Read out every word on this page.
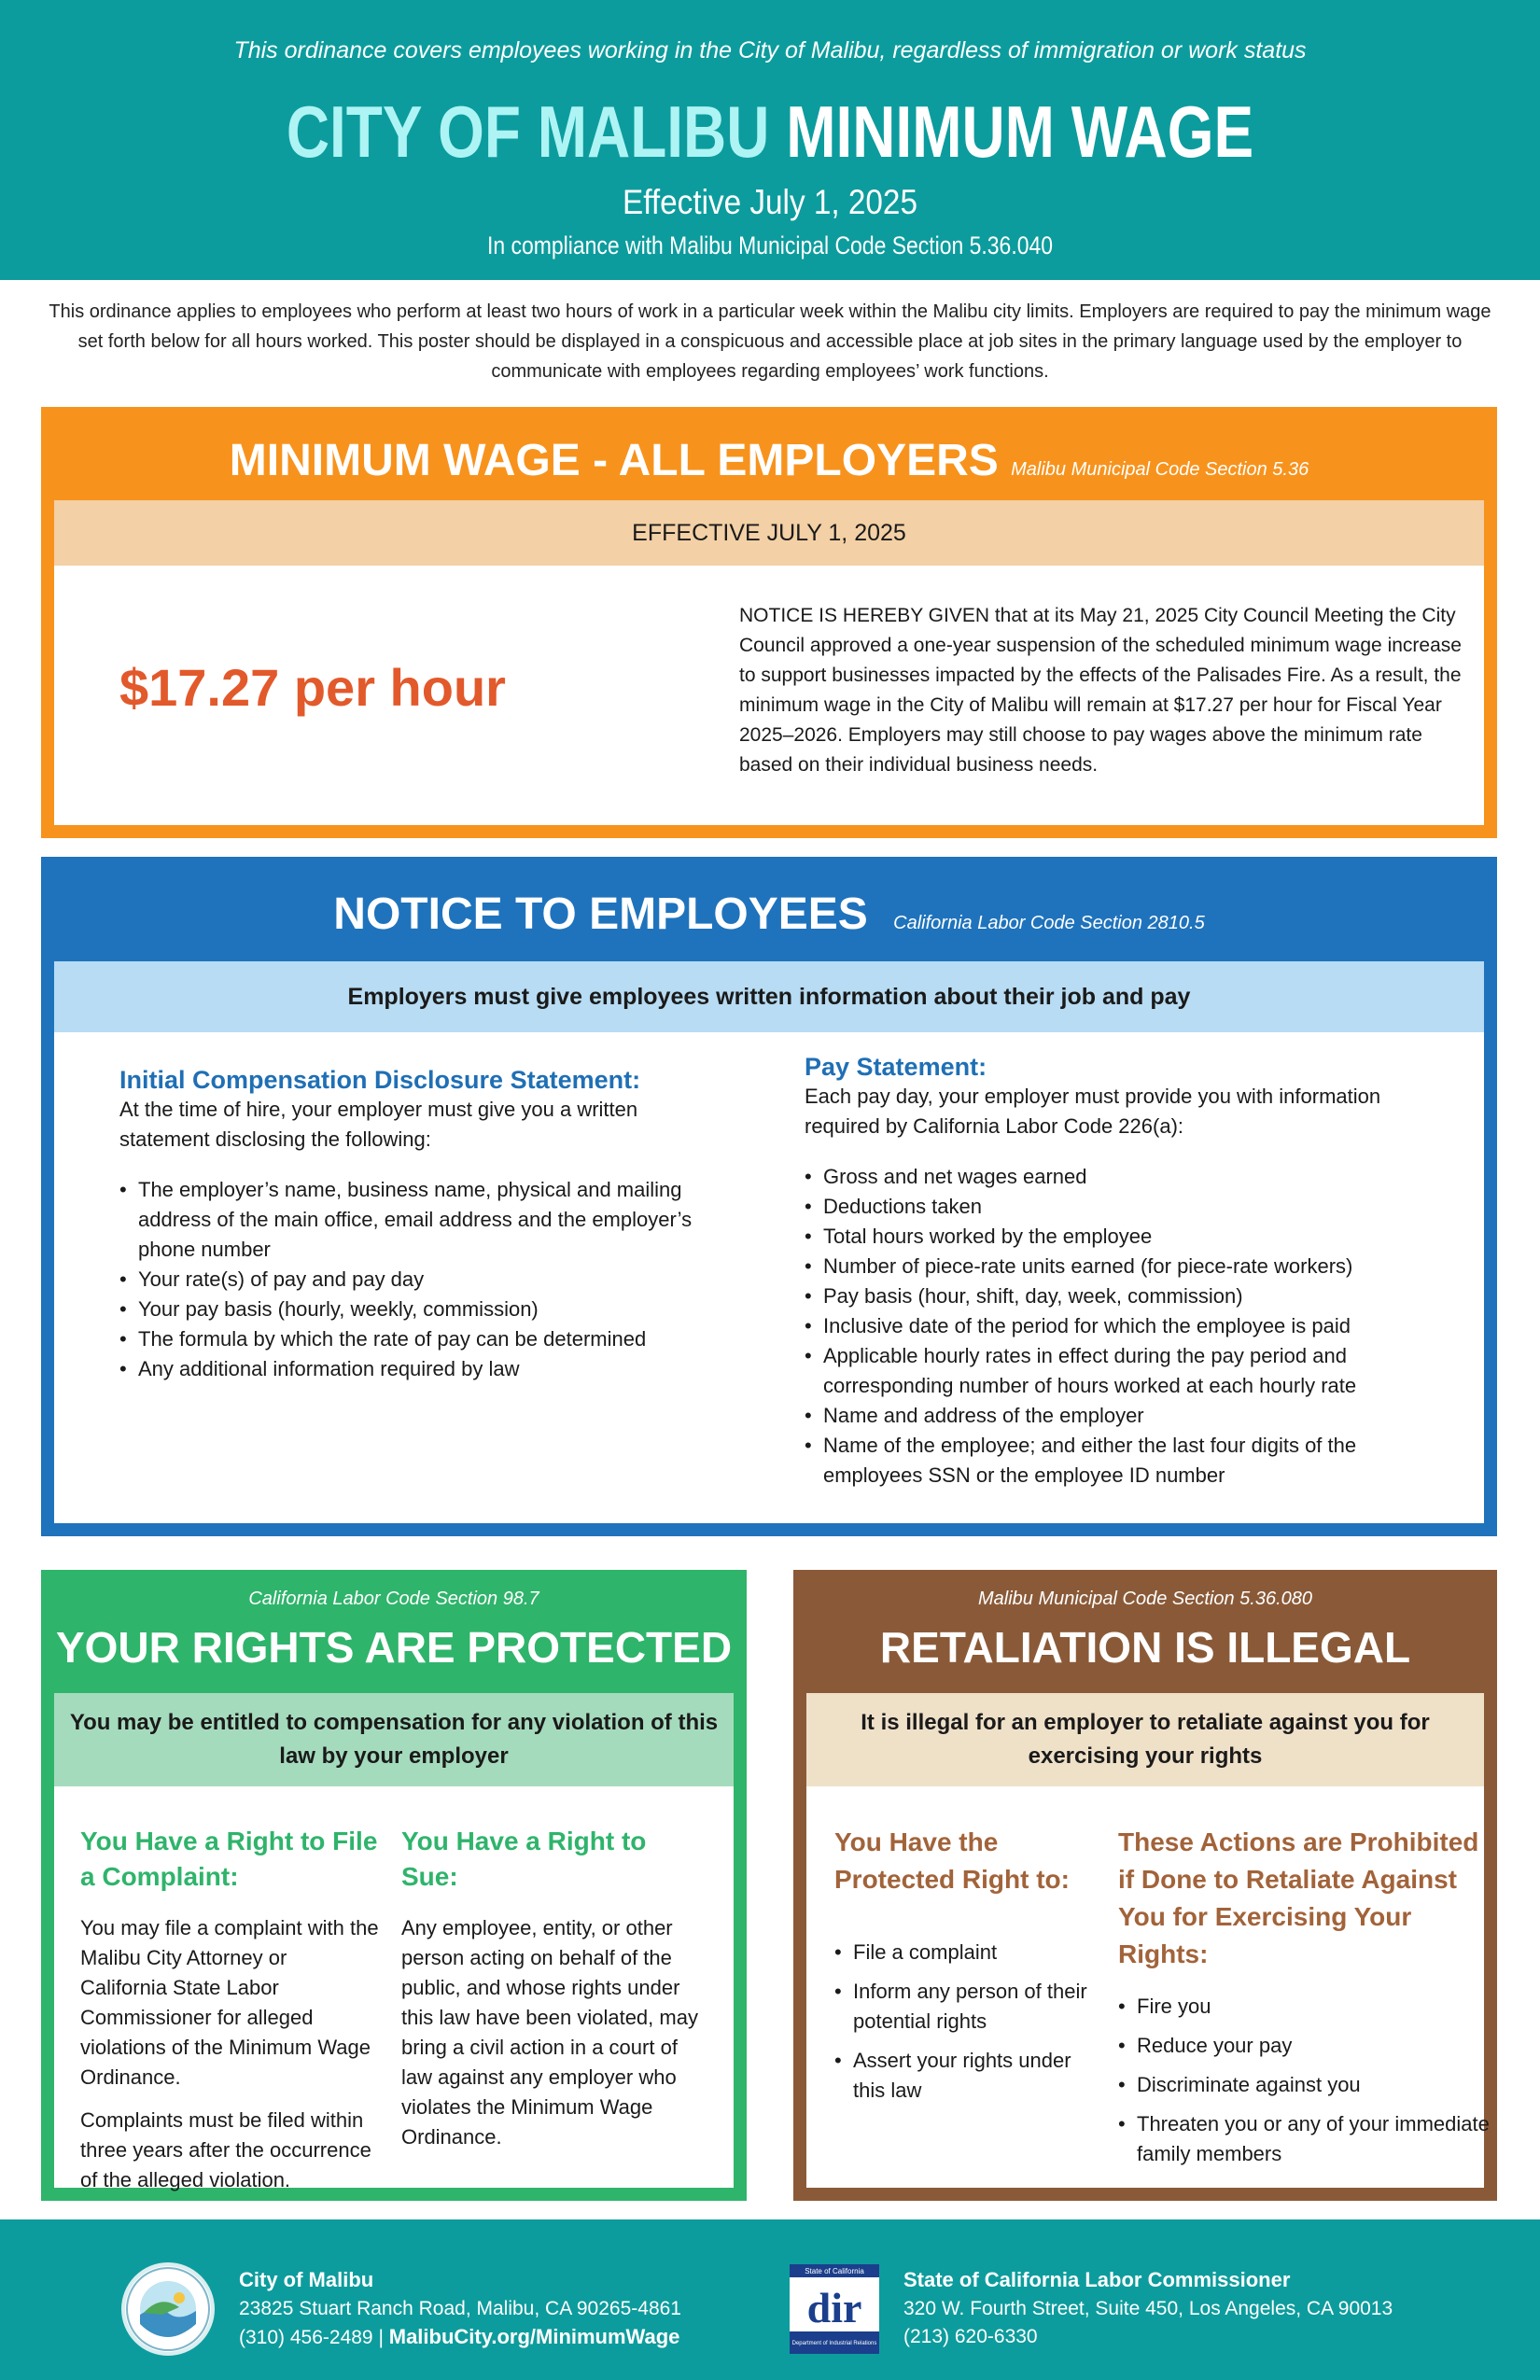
This ordinance covers employees working in the City of Malibu, regardless of immigration or work status
CITY OF MALIBU MINIMUM WAGE
Effective July 1, 2025
In compliance with Malibu Municipal Code Section 5.36.040
This ordinance applies to employees who perform at least two hours of work in a particular week within the Malibu city limits. Employers are required to pay the minimum wage set forth below for all hours worked. This poster should be displayed in a conspicuous and accessible place at job sites in the primary language used by the employer to communicate with employees regarding employees’ work functions.
MINIMUM WAGE - ALL EMPLOYERS Malibu Municipal Code Section 5.36
EFFECTIVE JULY 1, 2025
$17.27 per hour
NOTICE IS HEREBY GIVEN that at its May 21, 2025 City Council Meeting the City Council approved a one-year suspension of the scheduled minimum wage increase to support businesses impacted by the effects of the Palisades Fire. As a result, the minimum wage in the City of Malibu will remain at $17.27 per hour for Fiscal Year 2025–2026. Employers may still choose to pay wages above the minimum rate based on their individual business needs.
NOTICE TO EMPLOYEES California Labor Code Section 2810.5
Employers must give employees written information about their job and pay
Initial Compensation Disclosure Statement:
At the time of hire, your employer must give you a written statement disclosing the following:
• The employer’s name, business name, physical and mailing address of the main office, email address and the employer’s phone number
• Your rate(s) of pay and pay day
• Your pay basis (hourly, weekly, commission)
• The formula by which the rate of pay can be determined
• Any additional information required by law
Pay Statement:
Each pay day, your employer must provide you with information required by California Labor Code 226(a):
• Gross and net wages earned
• Deductions taken
• Total hours worked by the employee
• Number of piece-rate units earned (for piece-rate workers)
• Pay basis (hour, shift, day, week, commission)
• Inclusive date of the period for which the employee is paid
• Applicable hourly rates in effect during the pay period and corresponding number of hours worked at each hourly rate
• Name and address of the employer
• Name of the employee; and either the last four digits of the employees SSN or the employee ID number
California Labor Code Section 98.7
YOUR RIGHTS ARE PROTECTED
You may be entitled to compensation for any violation of this law by your employer
You Have a Right to File a Complaint:

You may file a complaint with the Malibu City Attorney or California State Labor Commissioner for alleged violations of the Minimum Wage Ordinance.

Complaints must be filed within three years after the occurrence of the alleged violation.

You Have a Right to Sue:

Any employee, entity, or other person acting on behalf of the public, and whose rights under this law have been violated, may bring a civil action in a court of law against any employer who violates the Minimum Wage Ordinance.

Malibu Municipal Code Section 5.36.080
RETALIATION IS ILLEGAL
It is illegal for an employer to retaliate against you for exercising your rights
You Have the Protected Right to:
• File a complaint
• Inform any person of their potential rights
• Assert your rights under this law
These Actions are Prohibited if Done to Retaliate Against You for Exercising Your Rights:
• Fire you
• Reduce your pay
• Discriminate against you
• Threaten you or any of your immediate family members
City of Malibu
23825 Stuart Ranch Road, Malibu, CA 90265-4861
(310) 456-2489 | MalibuCity.org/MinimumWage
State of California
dir
Department of Industrial Relations
State of California Labor Commissioner
320 W. Fourth Street, Suite 450, Los Angeles, CA 90013
(213) 620-6330
